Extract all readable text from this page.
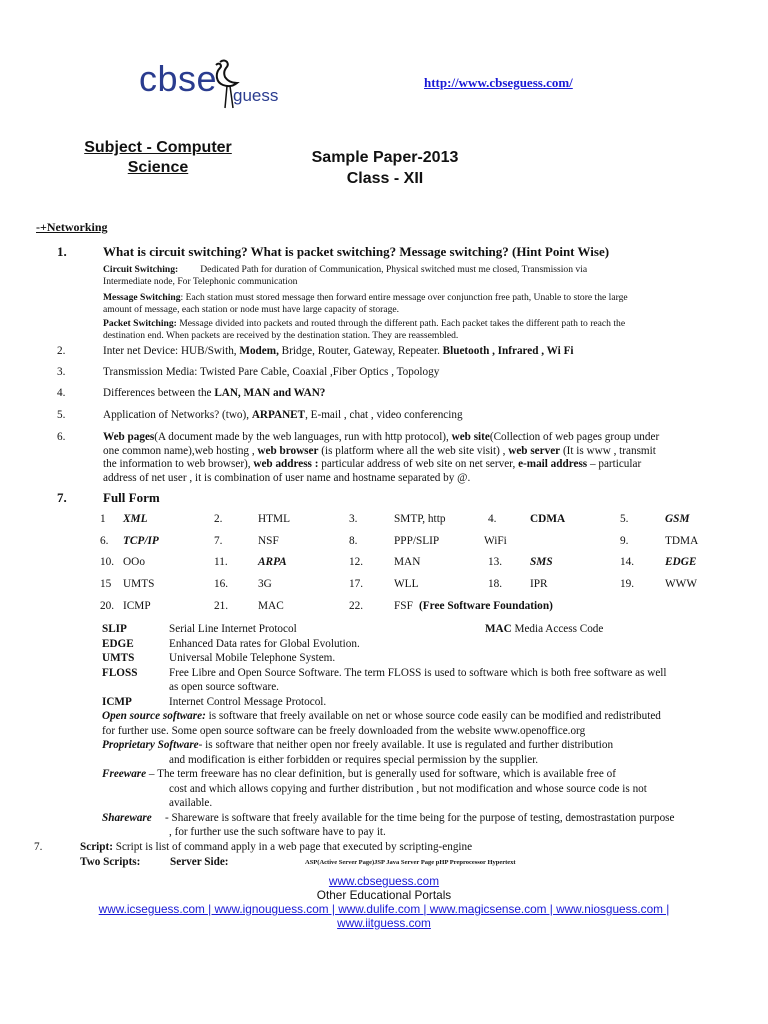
cbse guess
http://www.cbseguess.com/
Subject - Computer
Science
Sample Paper-2013
Class - XII
-+Networking
1.	What is circuit switching? What is packet switching? Message switching? (Hint Point Wise)
Circuit Switching: Dedicated Path for duration of Communication, Physical switched must me closed, Transmission via
Intermediate node, For Telephonic communication
Message Switching: Each station must stored message then forward entire message over conjunction free path, Unable to store the large
amount of message, each station or node must have large capacity of storage.
Packet Switching: Message divided into packets and routed through the different path. Each packet takes the different path to reach the
destination end. When packets are received by the destination station. They are reassembled.
2.	Inter net Device: HUB/Swith, Modem, Bridge, Router, Gateway, Repeater. Bluetooth , Infrared , Wi Fi
3.	Transmission Media: Twisted Pare Cable, Coaxial ,Fiber Optics , Topology
4.	Differences between the LAN, MAN and WAN?
5.	Application of Networks? (two), ARPANET, E-mail , chat , video conferencing
6.	Web pages(A document made by the web languages, run with http protocol), web site(Collection of web pages group under
one common name),web hosting , web browser (is platform where all the web site visit) , web server (It is www , transmit
the information to web browser), web address : particular address of web site on net server, e-mail address – particular
address of net user , it is combination of user name and hostname separated by @.
7.	Full Form
1 XML	2.	HTML	3.	SMTP, http	4.	CDMA	5.	GSM
6. TCP/IP	7.	NSF	8.	PPP/SLIP	WiFi	9.	TDMA
10. OOo	11.	ARPA	12.	MAN	13. SMS	14.	EDGE
15 UMTS	16.	3G	17.	WLL	18. IPR	19.	WWW
20. ICMP	21.	MAC	22.	FSF (Free Software Foundation)
SLIP	Serial Line Internet Protocol	MAC Media Access Code
EDGE	Enhanced Data rates for Global Evolution.
UMTS	Universal Mobile Telephone System.
FLOSS	Free Libre and Open Source Software. The term FLOSS is used to software which is both free software as well
as open source software.
ICMP	Internet Control Message Protocol.
Open source software: is software that freely available on net or whose source code easily can be modified and redistributed
for further use. Some open source software can be freely downloaded from the website www.openoffice.org
Proprietary Software- is software that neither open nor freely available. It use is regulated and further distribution
and modification is either forbidden or requires special permission by the supplier.
Freeware – The term freeware has no clear definition, but is generally used for software, which is available free of
cost and which allows copying and further distribution , but not modification and whose source code is not
available.
Shareware - Shareware is software that freely available for the time being for the purpose of testing, demostrastation purpose
, for further use the such software have to pay it.
7.	Script: Script is list of command apply in a web page that executed by scripting-engine
Two Scripts:	Server Side:	ASP(Active Server Page)JSP Java Server Page pHP Preprocessor Hypertext
www.cbseguess.com
Other Educational Portals
www.icseguess.com | www.ignouguess.com | www.dulife.com | www.magicsense.com | www.niosguess.com |
www.iitguess.com
